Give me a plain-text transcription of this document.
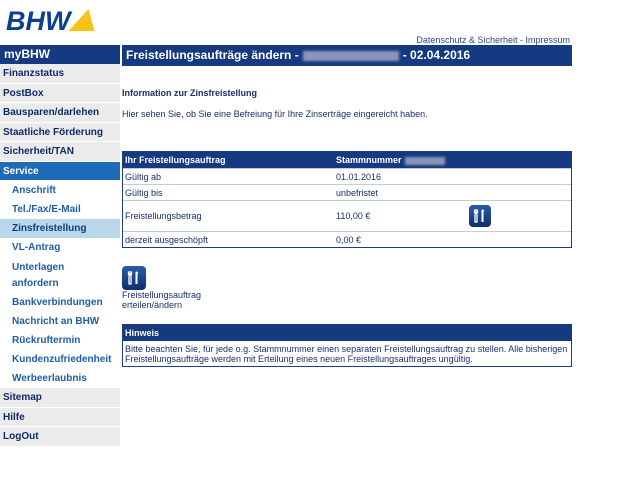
BHW
Datenschutz & Sicherheit - Impressum
myBHW
Finanzstatus
PostBox
Bausparen/darlehen
Staatliche Förderung
Sicherheit/TAN
Service
Anschrift
Tel./Fax/E-Mail
Zinsfreistellung
VL-Antrag
Unterlagen anfordern
Bankverbindungen
Nachricht an BHW
Rückruftermin
Kundenzufriedenheit
Werbeerlaubnis
Sitemap
Hilfe
LogOut
Freistellungsaufträge ändern -	- 02.04.2016
Information zur Zinsfreistellung
Hier sehen Sie, ob Sie eine Befreiung für Ihre Zinserträge eingereicht haben.
Ihr Freistellungsauftrag	Stammnummer
Gültig ab	01.01.2016
Gültig bis	unbefristet
Freistellungsbetrag	110,00 €
derzeit ausgeschöpft	0,00 €
Freistellungsauftrag erteilen/ändern
Hinweis
Bitte beachten Sie, für jede o.g. Stammnummer einen separaten Freistellungsauftrag zu stellen. Alle bisherigen Freistellungsaufträge werden mit Erteilung eines neuen Freistellungsauftrages ungültig.
